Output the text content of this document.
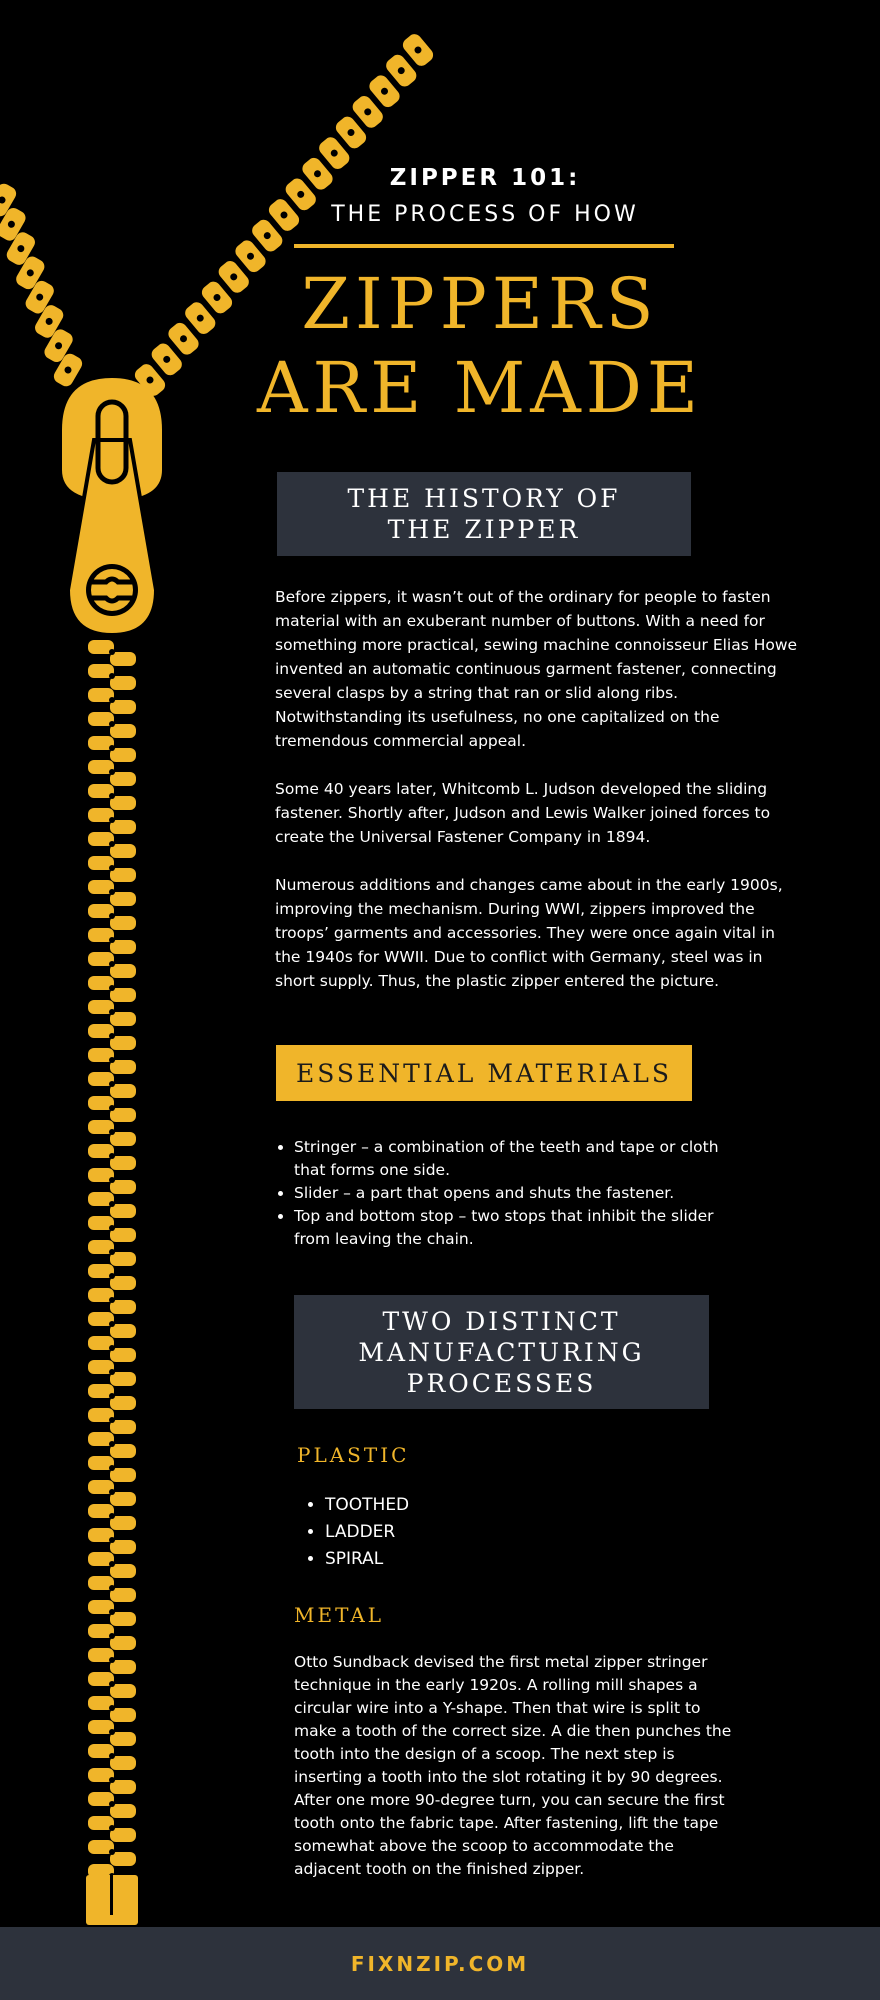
ZIPPER 101:
THE PROCESS OF HOW
ZIPPERS
ARE MADE
THE HISTORY OF
THE ZIPPER

Before zippers, it wasn’t out of the ordinary for people to fasten material with an exuberant number of buttons. With a need for something more practical, sewing machine connoisseur Elias Howe invented an automatic continuous garment fastener, connecting several clasps by a string that ran or slid along ribs. Notwithstanding its usefulness, no one capitalized on the tremendous commercial appeal.

Some 40 years later, Whitcomb L. Judson developed the sliding fastener. Shortly after, Judson and Lewis Walker joined forces to create the Universal Fastener Company in 1894.

Numerous additions and changes came about in the early 1900s, improving the mechanism. During WWI, zippers improved the troops’ garments and accessories. They were once again vital in the 1940s for WWII. Due to conflict with Germany, steel was in short supply. Thus, the plastic zipper entered the picture.

ESSENTIAL MATERIALS
• Stringer – a combination of the teeth and tape or cloth that forms one side.
• Slider – a part that opens and shuts the fastener.
• Top and bottom stop – two stops that inhibit the slider from leaving the chain.
TWO DISTINCT
MANUFACTURING
PROCESSES
PLASTIC
• TOOTHED
• LADDER
• SPIRAL
METAL

Otto Sundback devised the first metal zipper stringer technique in the early 1920s. A rolling mill shapes a circular wire into a Y-shape. Then that wire is split to make a tooth of the correct size. A die then punches the tooth into the design of a scoop. The next step is inserting a tooth into the slot rotating it by 90 degrees. After one more 90-degree turn, you can secure the first tooth onto the fabric tape. After fastening, lift the tape somewhat above the scoop to accommodate the adjacent tooth on the finished zipper.

FIXNZIP.COM
